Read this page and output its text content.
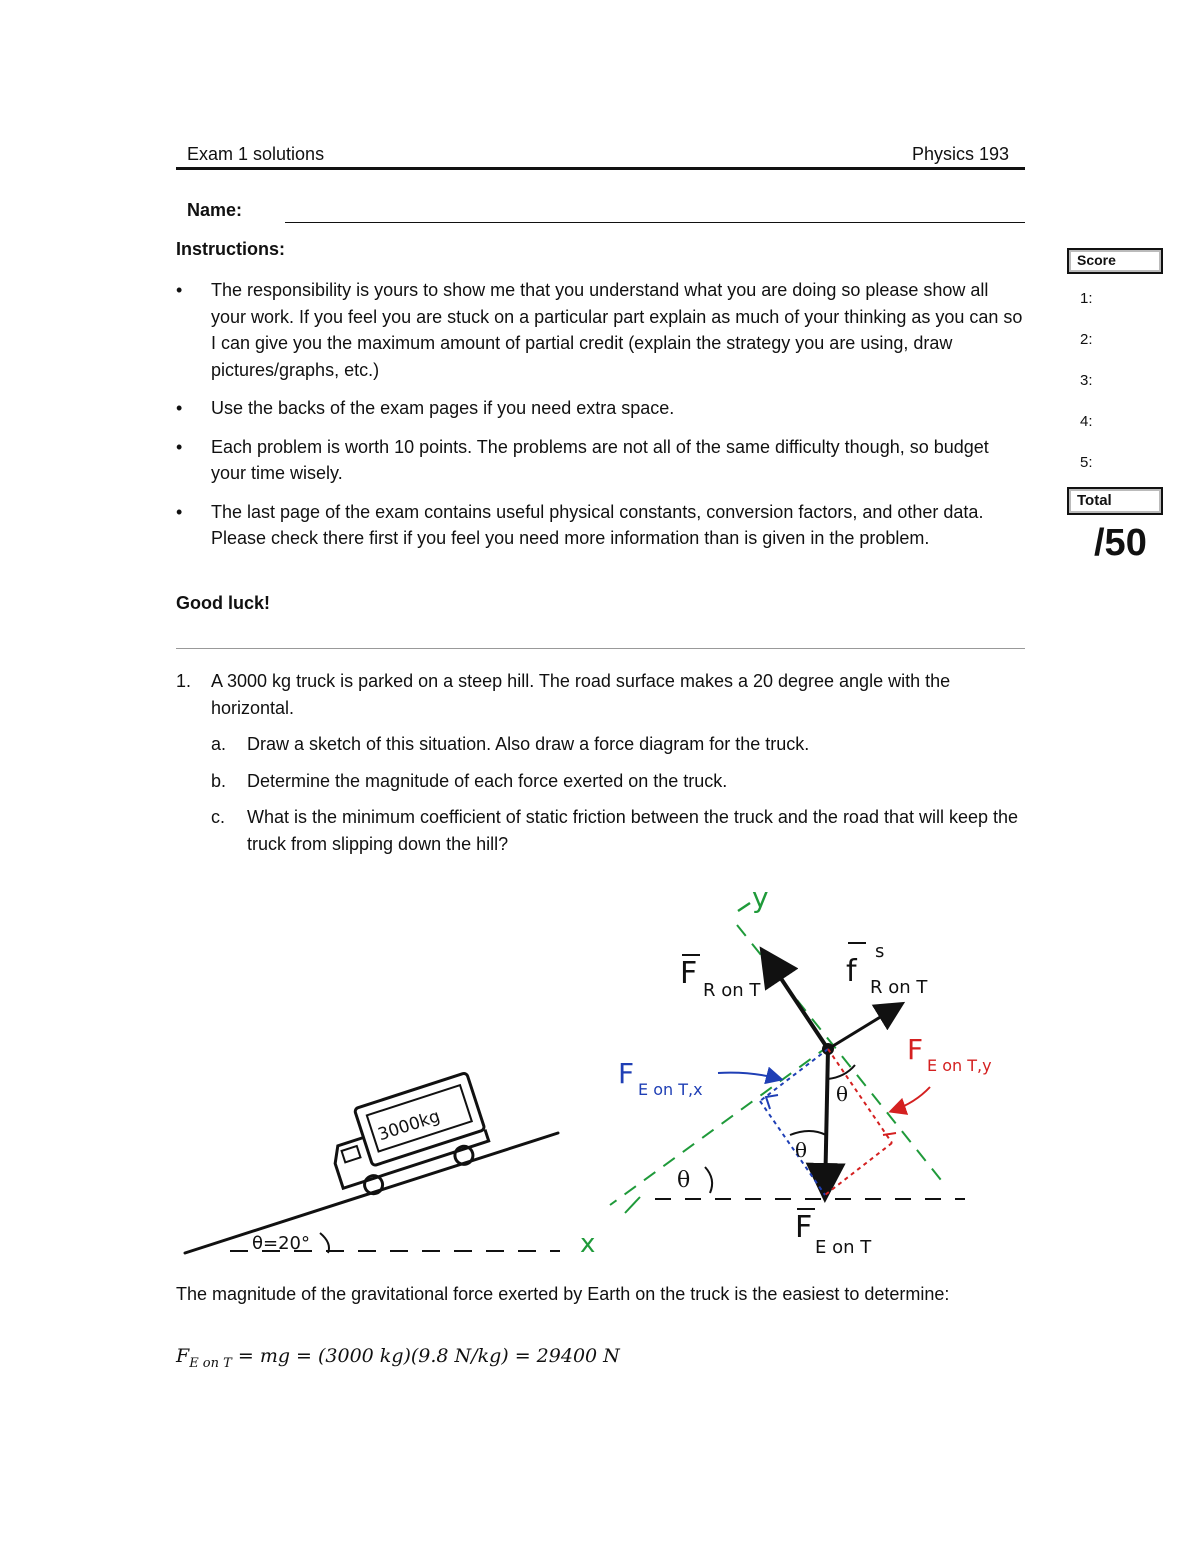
Exam 1 solutions	Physics 193
Name:
Instructions:
• The responsibility is yours to show me that you understand what you are doing so please show all your work. If you feel you are stuck on a particular part explain as much of your thinking as you can so I can give you the maximum amount of partial credit (explain the strategy you are using, draw pictures/graphs, etc.)
• Use the backs of the exam pages if you need extra space.
• Each problem is worth 10 points. The problems are not all of the same difficulty though, so budget your time wisely.
• The last page of the exam contains useful physical constants, conversion factors, and other data. Please check there first if you feel you need more information than is given in the problem.
Good luck!
1.	A 3000 kg truck is parked on a steep hill. The road surface makes a 20 degree angle with the horizontal.
a. Draw a sketch of this situation. Also draw a force diagram for the truck.
b. Determine the magnitude of each force exerted on the truck.
c. What is the minimum coefficient of static friction between the truck and the road that will keep the truck from slipping down the hill?
Score
1:
2:
3:
4:
5:
Total
/50
θ=20°
3000kg
y
x
θ
θ
θ
F R on T
f
s
R on T
F
E on T
F E on T,x
F E on T,y
The magnitude of the gravitational force exerted by Earth on the truck is the easiest to determine:
$F_{E on T}$ = mg = (3000 kg)(9.8 N/kg) = 29400 N
